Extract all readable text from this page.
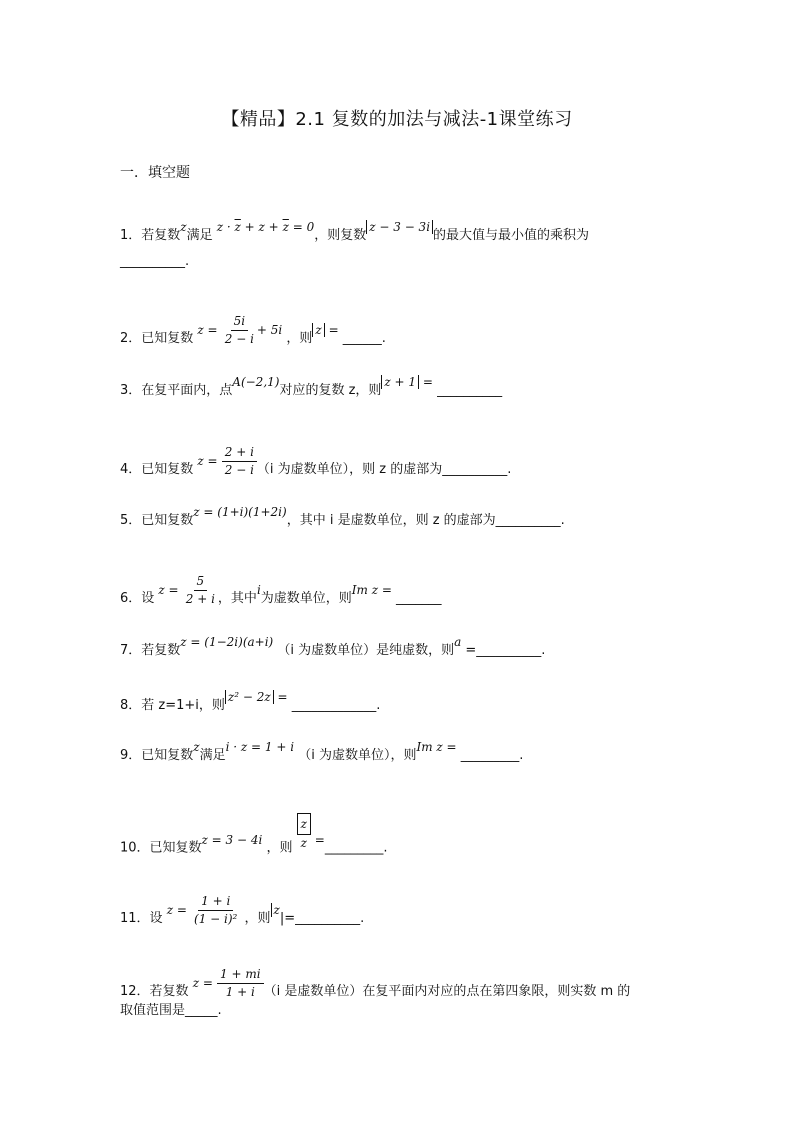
【精品】2.1 复数的加法与减法-1课堂练习
一．填空题
1．若复数z满足 $z \cdot \overline{z} + z + \overline{z} = 0$，则复数z − 3 − 3i的最大值与最小值的乘积为
__________.
2．已知复数 $z = \frac{5i}{2 - i} + 5i$ ，则z = ______.
3．在复平面内，点A(−2,1)对应的复数 z，则z + 1 = __________
4．已知复数 $z = \frac{2 + i}{2 - i} (i$ 为虚数单位），则 z 的虚部为__________.
5．已知复数z = (1+i)(1+2i)，其中 i 是虚数单位，则 z 的虚部为__________.
6．设 $z = \frac{5}{2 + i}$ ，其中i为虚数单位，则Im z = _______
7．若复数z = (1−2i)(a+i) （i 为虚数单位）是纯虚数，则a =__________.
8．若 z=1+i，则z² − 2z = _____________.
9．已知复数z满足i · z = 1 + i （i 为虚数单位），则Im z = _________.
10．已知复数z = 3 − 4i ，则 $\frac{z}{z}$ =_________.
11．设 $z = \frac{1 + i}{\text{(1 − i)²}}$ ，则z|=__________.
12．若复数 $z = \frac{1 + mi}{1 + i} (i$ 是虚数单位）在复平面内对应的点在第四象限，则实数 m 的
取值范围是_____.
